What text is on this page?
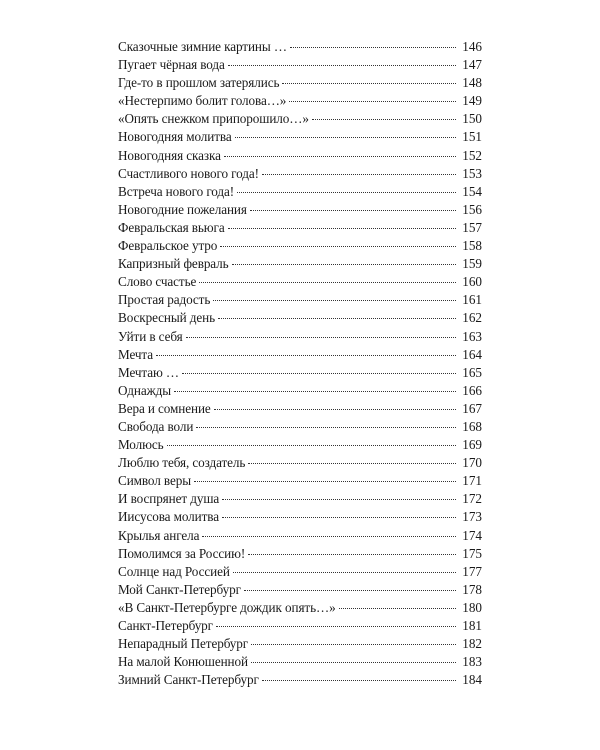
Сказочные зимние картины …	146
Пугает чёрная вода	147
Где-то в прошлом затерялись	148
«Нестерпимо болит голова…»	149
«Опять снежком припорошило…»	150
Новогодняя молитва	151
Новогодняя сказка	152
Счастливого нового года!	153
Встреча нового года!	154
Новогодние пожелания	156
Февральская вьюга	157
Февральское утро	158
Капризный февраль	159
Слово счастье	160
Простая радость	161
Воскресный день	162
Уйти в себя	163
Мечта	164
Мечтаю …	165
Однажды	166
Вера и сомнение	167
Свобода воли	168
Молюсь	169
Люблю тебя, создатель	170
Символ веры	171
И воспрянет душа	172
Иисусова молитва	173
Крылья ангела	174
Помолимся за Россию!	175
Солнце над Россией	177
Мой Санкт-Петербург	178
«В Санкт-Петербурге дождик опять…»	180
Санкт-Петербург	181
Непарадный Петербург	182
На малой Конюшенной	183
Зимний Санкт-Петербург	184
